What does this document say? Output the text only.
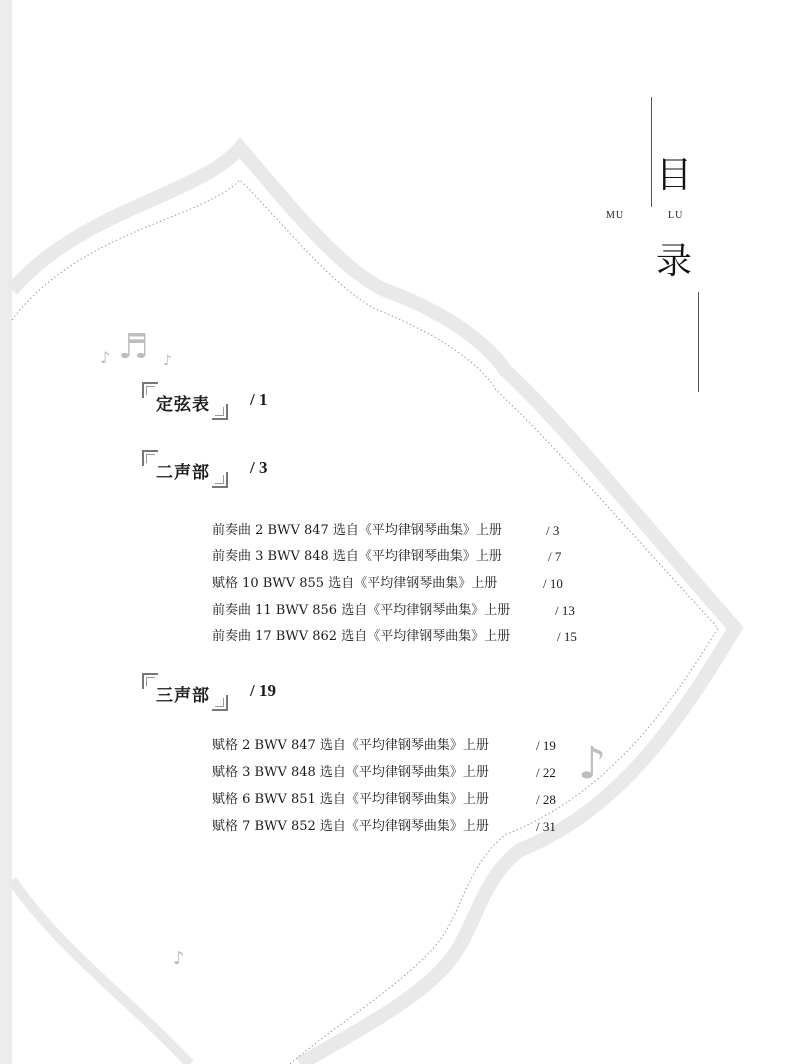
目
MU	LU
录
♪ ♬ ♪
♪
♪
定弦表 / 1
二声部 / 3
前奏曲 2 BWV 847 选自《平均律钢琴曲集》上册	/ 3
前奏曲 3 BWV 848 选自《平均律钢琴曲集》上册	/ 7
赋格 10 BWV 855 选自《平均律钢琴曲集》上册	/ 10
前奏曲 11 BWV 856 选自《平均律钢琴曲集》上册	/ 13
前奏曲 17 BWV 862 选自《平均律钢琴曲集》上册	/ 15
三声部 / 19
赋格 2 BWV 847 选自《平均律钢琴曲集》上册	/ 19
赋格 3 BWV 848 选自《平均律钢琴曲集》上册	/ 22
赋格 6 BWV 851 选自《平均律钢琴曲集》上册	/ 28
赋格 7 BWV 852 选自《平均律钢琴曲集》上册	/ 31
